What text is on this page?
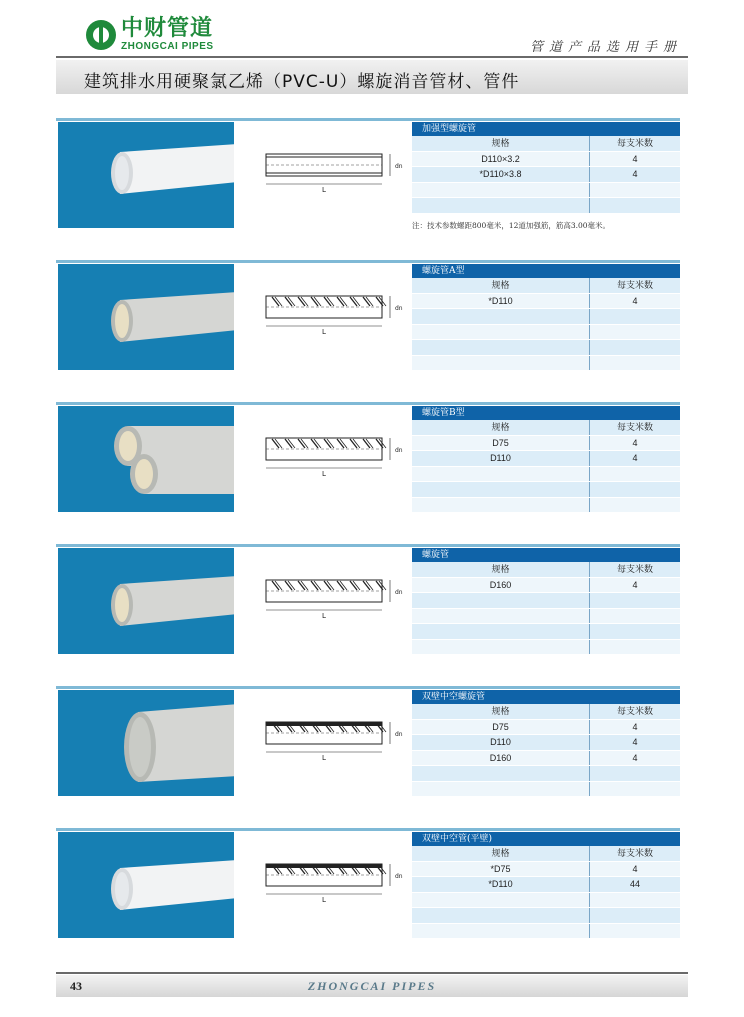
中财管道
ZHONGCAI PIPES	管道产品选用手册
建筑排水用硬聚氯乙烯（PVC-U）螺旋消音管材、管件
dn
L
加强型螺旋管
规格	每支米数
D110×3.2	4
*D110×3.8	4
注：技术参数螺距800毫米，12道加强筋，筋高3.00毫米。
dn
L
螺旋管A型
规格	每支米数
*D110	4
dn
L
螺旋管B型
规格	每支米数
D75	4
D110	4
dn
L
螺旋管
规格	每支米数
D160	4
dn
L
双壁中空螺旋管
规格	每支米数
D75	4
D110	4
D160	4
dn
L
双壁中空管(平壁)
规格	每支米数
*D75	4
*D110	44
43	ZHONGCAI PIPES
